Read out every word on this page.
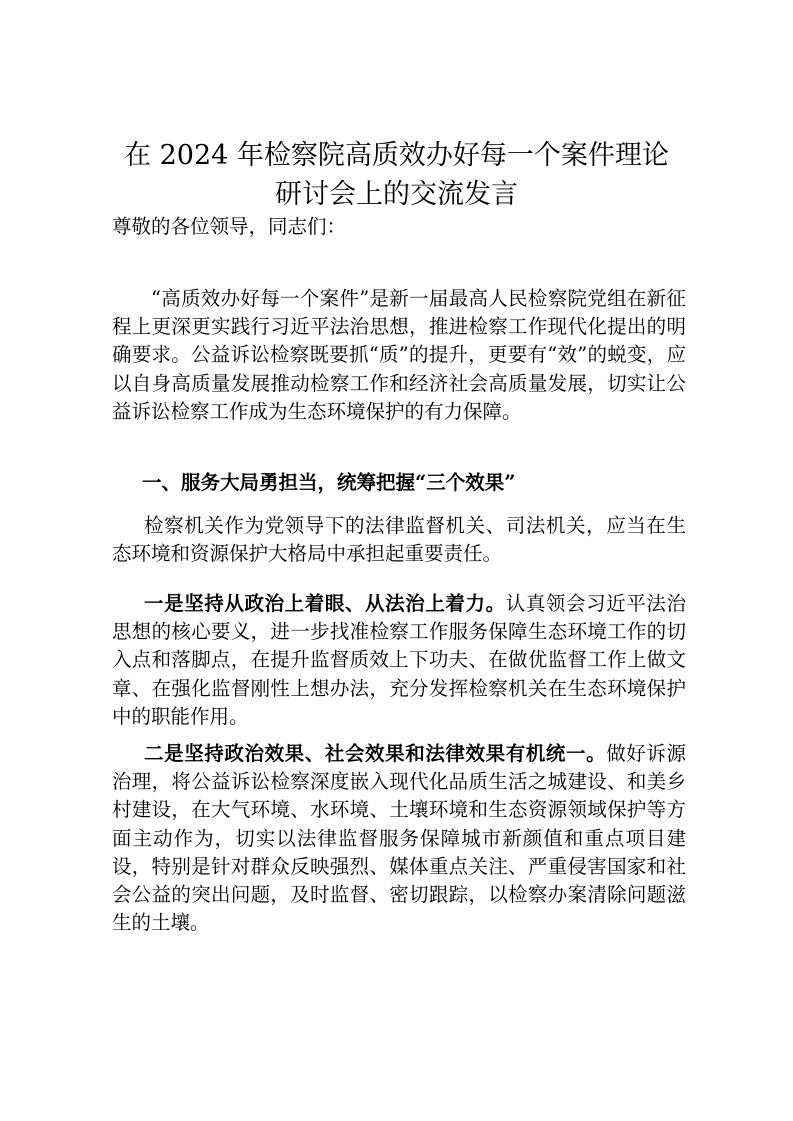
在 2024 年检察院高质效办好每一个案件理论
研讨会上的交流发言
尊敬的各位领导，同志们：
“高质效办好每一个案件”是新一届最高人民检察院党组在新征程上更深更实践行习近平法治思想，推进检察工作现代化提出的明确要求。公益诉讼检察既要抓“质”的提升，更要有“效”的蜕变，应以自身高质量发展推动检察工作和经济社会高质量发展，切实让公益诉讼检察工作成为生态环境保护的有力保障。
一、服务大局勇担当，统筹把握“三个效果”
检察机关作为党领导下的法律监督机关、司法机关，应当在生态环境和资源保护大格局中承担起重要责任。
一是坚持从政治上着眼、从法治上着力。认真领会习近平法治思想的核心要义，进一步找准检察工作服务保障生态环境工作的切入点和落脚点，在提升监督质效上下功夫、在做优监督工作上做文章、在强化监督刚性上想办法，充分发挥检察机关在生态环境保护中的职能作用。
二是坚持政治效果、社会效果和法律效果有机统一。做好诉源治理，将公益诉讼检察深度嵌入现代化品质生活之城建设、和美乡村建设，在大气环境、水环境、土壤环境和生态资源领域保护等方面主动作为，切实以法律监督服务保障城市新颜值和重点项目建设，特别是针对群众反映强烈、媒体重点关注、严重侵害国家和社会公益的突出问题，及时监督、密切跟踪，以检察办案清除问题滋生的土壤。
